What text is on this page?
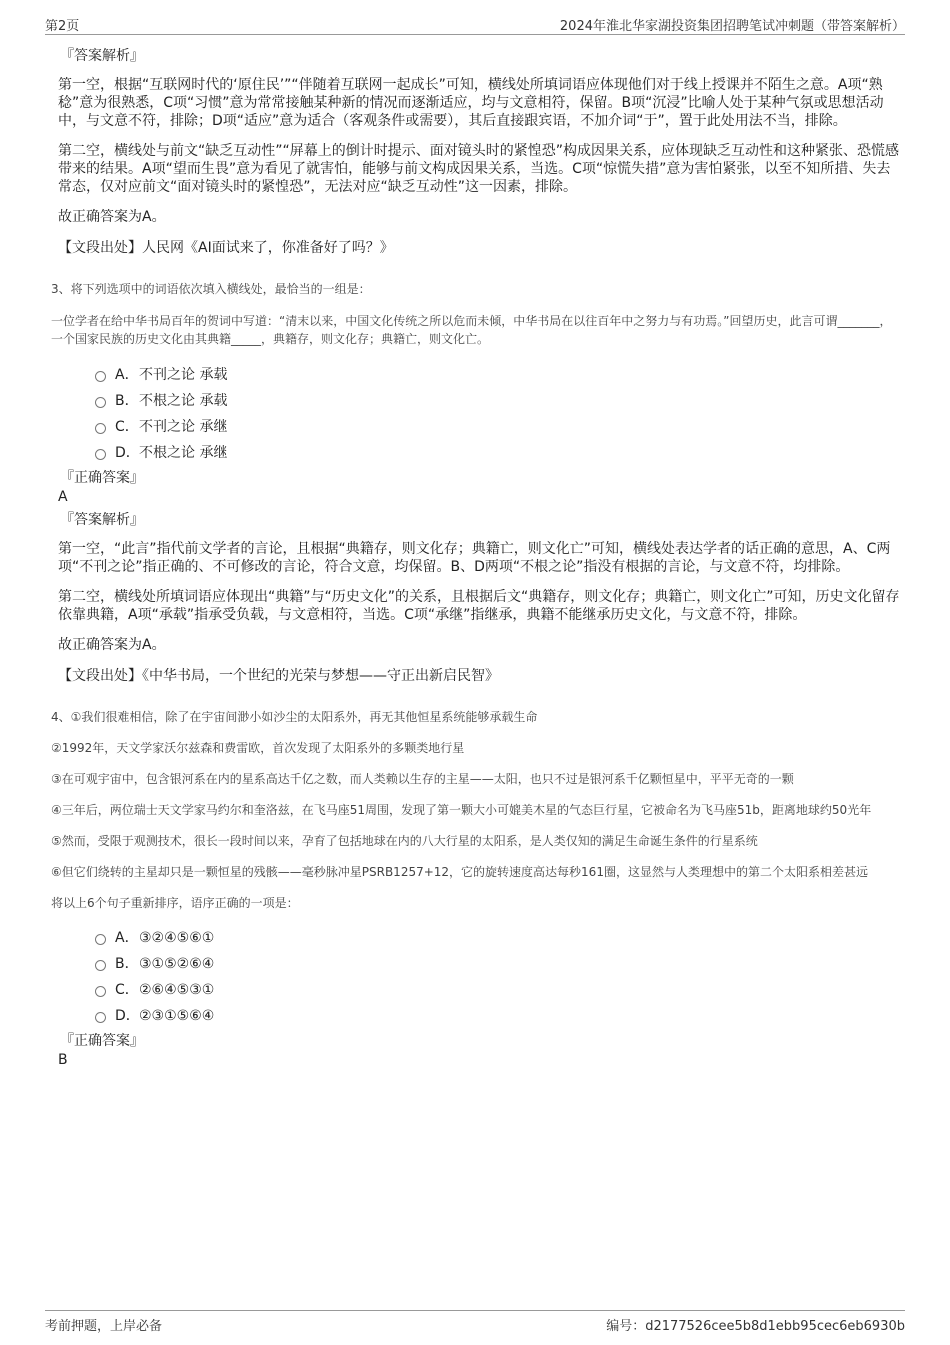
第2页	2024年淮北华家湖投资集团招聘笔试冲刺题（带答案解析）
『答案解析』

第一空，根据“互联网时代的‘原住民’”“伴随着互联网一起成长”可知，横线处所填词语应体现他们对于线上授课并不陌生之意。A项“熟稔”意为很熟悉，C项“习惯”意为常常接触某种新的情况而逐渐适应，均与文意相符，保留。B项“沉浸”比喻人处于某种气氛或思想活动中，与文意不符，排除；D项“适应”意为适合（客观条件或需要），其后直接跟宾语，不加介词“于”，置于此处用法不当，排除。

第二空，横线处与前文“缺乏互动性”“屏幕上的倒计时提示、面对镜头时的紧惶恐”构成因果关系，应体现缺乏互动性和这种紧张、恐慌感带来的结果。A项“望而生畏”意为看见了就害怕，能够与前文构成因果关系，当选。C项“惊慌失措”意为害怕紧张，以至不知所措、失去常态，仅对应前文“面对镜头时的紧惶恐”，无法对应“缺乏互动性”这一因素，排除。

故正确答案为A。

【文段出处】人民网《AI面试来了，你准备好了吗？》

3、将下列选项中的词语依次填入横线处，最恰当的一组是：

一位学者在给中华书局百年的贺词中写道：“清末以来，中国文化传统之所以危而未倾，中华书局在以往百年中之努力与有功焉。”回望历史，此言可谓_______，一个国家民族的历史文化由其典籍_____，典籍存，则文化存；典籍亡，则文化亡。

A． 不刊之论 承载
B． 不根之论 承载
C． 不刊之论 承继
D． 不根之论 承继
『正确答案』
A
『答案解析』

第一空，“此言”指代前文学者的言论，且根据“典籍存，则文化存；典籍亡，则文化亡”可知，横线处表达学者的话正确的意思，A、C两项“不刊之论”指正确的、不可修改的言论，符合文意，均保留。B、D两项“不根之论”指没有根据的言论，与文意不符，均排除。

第二空，横线处所填词语应体现出“典籍”与“历史文化”的关系，且根据后文“典籍存，则文化存；典籍亡，则文化亡”可知，历史文化留存依靠典籍，A项“承载”指承受负载，与文意相符，当选。C项“承继”指继承，典籍不能继承历史文化，与文意不符，排除。

故正确答案为A。

【文段出处】《中华书局，一个世纪的光荣与梦想——守正出新启民智》

4、①我们很难相信，除了在宇宙间渺小如沙尘的太阳系外，再无其他恒星系统能够承载生命

②1992年，天文学家沃尔兹森和费雷欧，首次发现了太阳系外的多颗类地行星

③在可观宇宙中，包含银河系在内的星系高达千亿之数，而人类赖以生存的主星——太阳，也只不过是银河系千亿颗恒星中，平平无奇的一颗

④三年后，两位瑞士天文学家马约尔和奎洛兹，在飞马座51周围，发现了第一颗大小可媲美木星的气态巨行星，它被命名为飞马座51b，距离地球约50光年

⑤然而，受限于观测技术，很长一段时间以来，孕育了包括地球在内的八大行星的太阳系，是人类仅知的满足生命诞生条件的行星系统

⑥但它们绕转的主星却只是一颗恒星的残骸——毫秒脉冲星PSRB1257+12，它的旋转速度高达每秒161圈，这显然与人类理想中的第二个太阳系相差甚远

将以上6个句子重新排序，语序正确的一项是：

A． ③②④⑤⑥①
B． ③①⑤②⑥④
C． ②⑥④⑤③①
D． ②③①⑤⑥④
『正确答案』
B
考前押题，上岸必备	编号：d2177526cee5b8d1ebb95cec6eb6930b
